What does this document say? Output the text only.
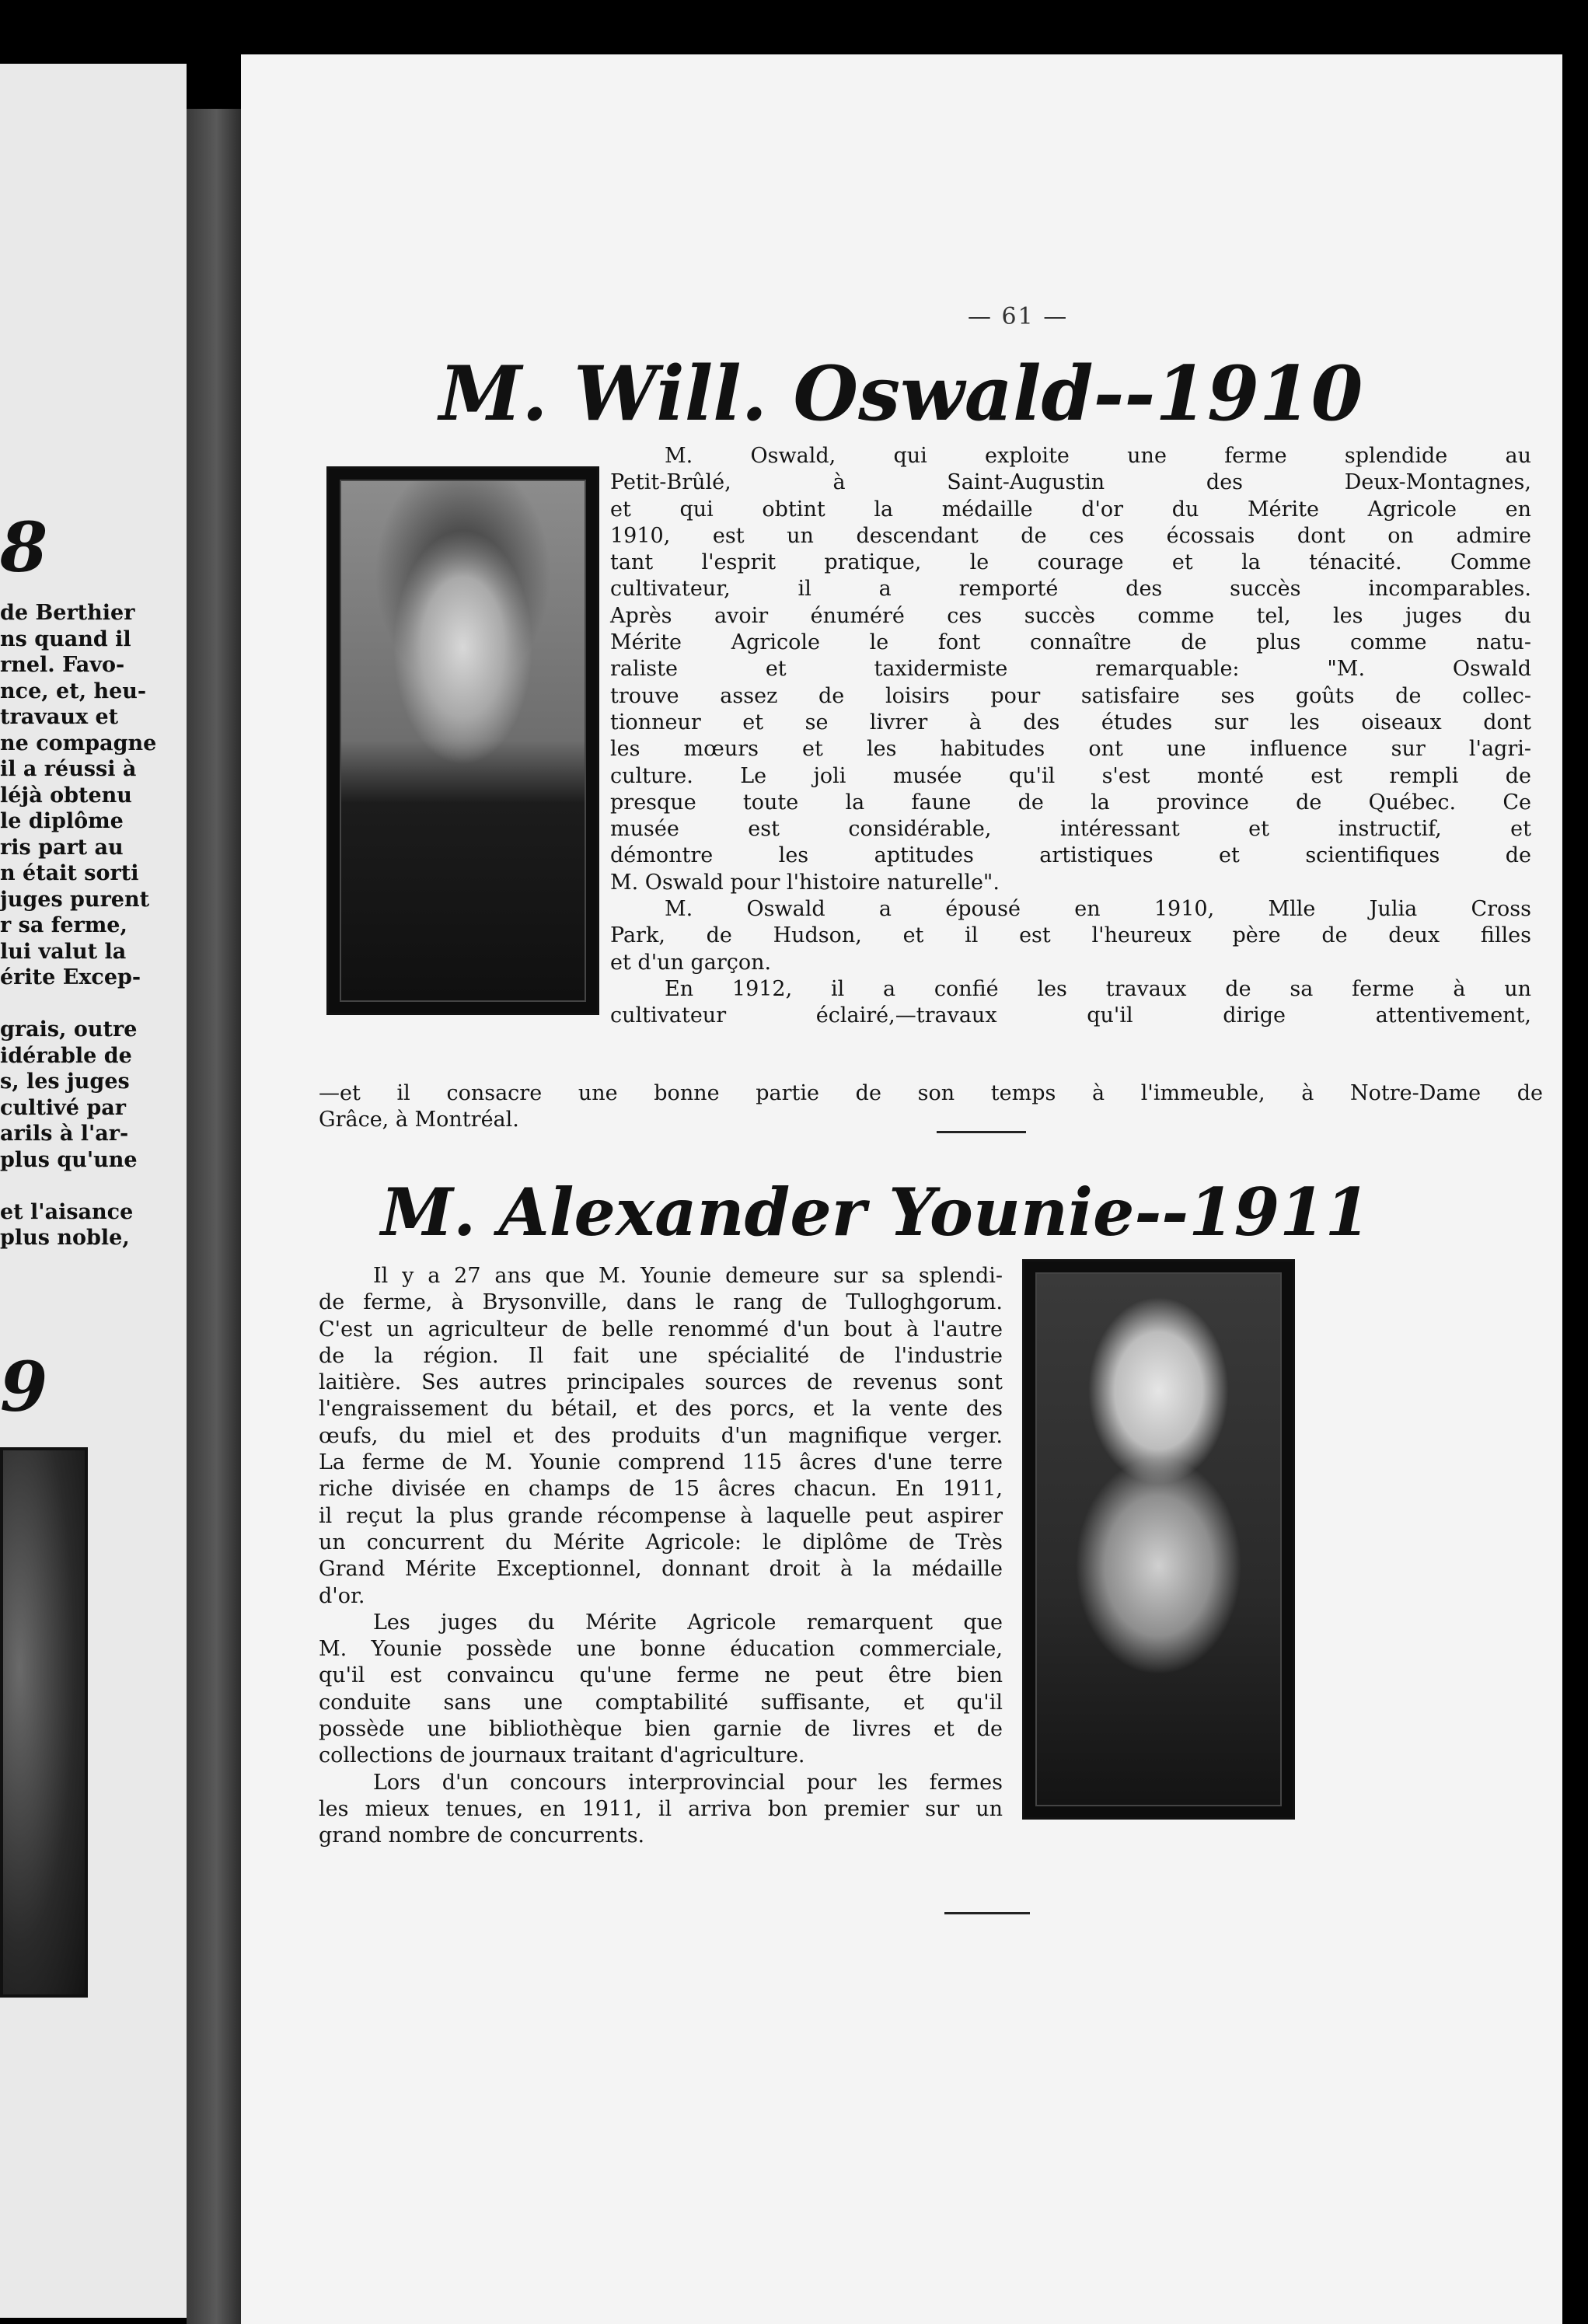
8
de Berthier
ns quand il
rnel. Favo-
nce, et, heu-
travaux et
ne compagne
il a réussi à
léjà obtenu
le diplôme
ris part au
n était sorti
juges purent
r sa ferme,
lui valut la
érite Excep-
grais, outre
idérable de
s, les juges
cultivé par
arils à l'ar-
plus qu'une
et l'aisance
plus noble,
9
— 61 —
M. Will. Oswald--1910
M. Oswald, qui exploite une ferme splendide au
Petit-Brûlé, à Saint-Augustin des Deux-Montagnes,
et qui obtint la médaille d'or du Mérite Agricole en
1910, est un descendant de ces écossais dont on admire
tant l'esprit pratique, le courage et la ténacité. Comme
cultivateur, il a remporté des succès incomparables.
Après avoir énuméré ces succès comme tel, les juges du
Mérite Agricole le font connaître de plus comme natu-
raliste et taxidermiste remarquable: "M. Oswald
trouve assez de loisirs pour satisfaire ses goûts de collec-
tionneur et se livrer à des études sur les oiseaux dont
les mœurs et les habitudes ont une influence sur l'agri-
culture. Le joli musée qu'il s'est monté est rempli de
presque toute la faune de la province de Québec. Ce
musée est considérable, intéressant et instructif, et
démontre les aptitudes artistiques et scientifiques de
M. Oswald pour l'histoire naturelle".
M. Oswald a épousé en 1910, Mlle Julia Cross
Park, de Hudson, et il est l'heureux père de deux filles
et d'un garçon.
En 1912, il a confié les travaux de sa ferme à un
cultivateur éclairé,—travaux qu'il dirige attentivement,
—et il consacre une bonne partie de son temps à l'immeuble, à Notre-Dame de
Grâce, à Montréal.
M. Alexander Younie--1911
Il y a 27 ans que M. Younie demeure sur sa splendi-
de ferme, à Brysonville, dans le rang de Tulloghgorum.
C'est un agriculteur de belle renommé d'un bout à l'autre
de la région. Il fait une spécialité de l'industrie
laitière. Ses autres principales sources de revenus sont
l'engraissement du bétail, et des porcs, et la vente des
œufs, du miel et des produits d'un magnifique verger.
La ferme de M. Younie comprend 115 âcres d'une terre
riche divisée en champs de 15 âcres chacun. En 1911,
il reçut la plus grande récompense à laquelle peut aspirer
un concurrent du Mérite Agricole: le diplôme de Très
Grand Mérite Exceptionnel, donnant droit à la médaille
d'or.
Les juges du Mérite Agricole remarquent que
M. Younie possède une bonne éducation commerciale,
qu'il est convaincu qu'une ferme ne peut être bien
conduite sans une comptabilité suffisante, et qu'il
possède une bibliothèque bien garnie de livres et de
collections de journaux traitant d'agriculture.
Lors d'un concours interprovincial pour les fermes
les mieux tenues, en 1911, il arriva bon premier sur un
grand nombre de concurrents.
